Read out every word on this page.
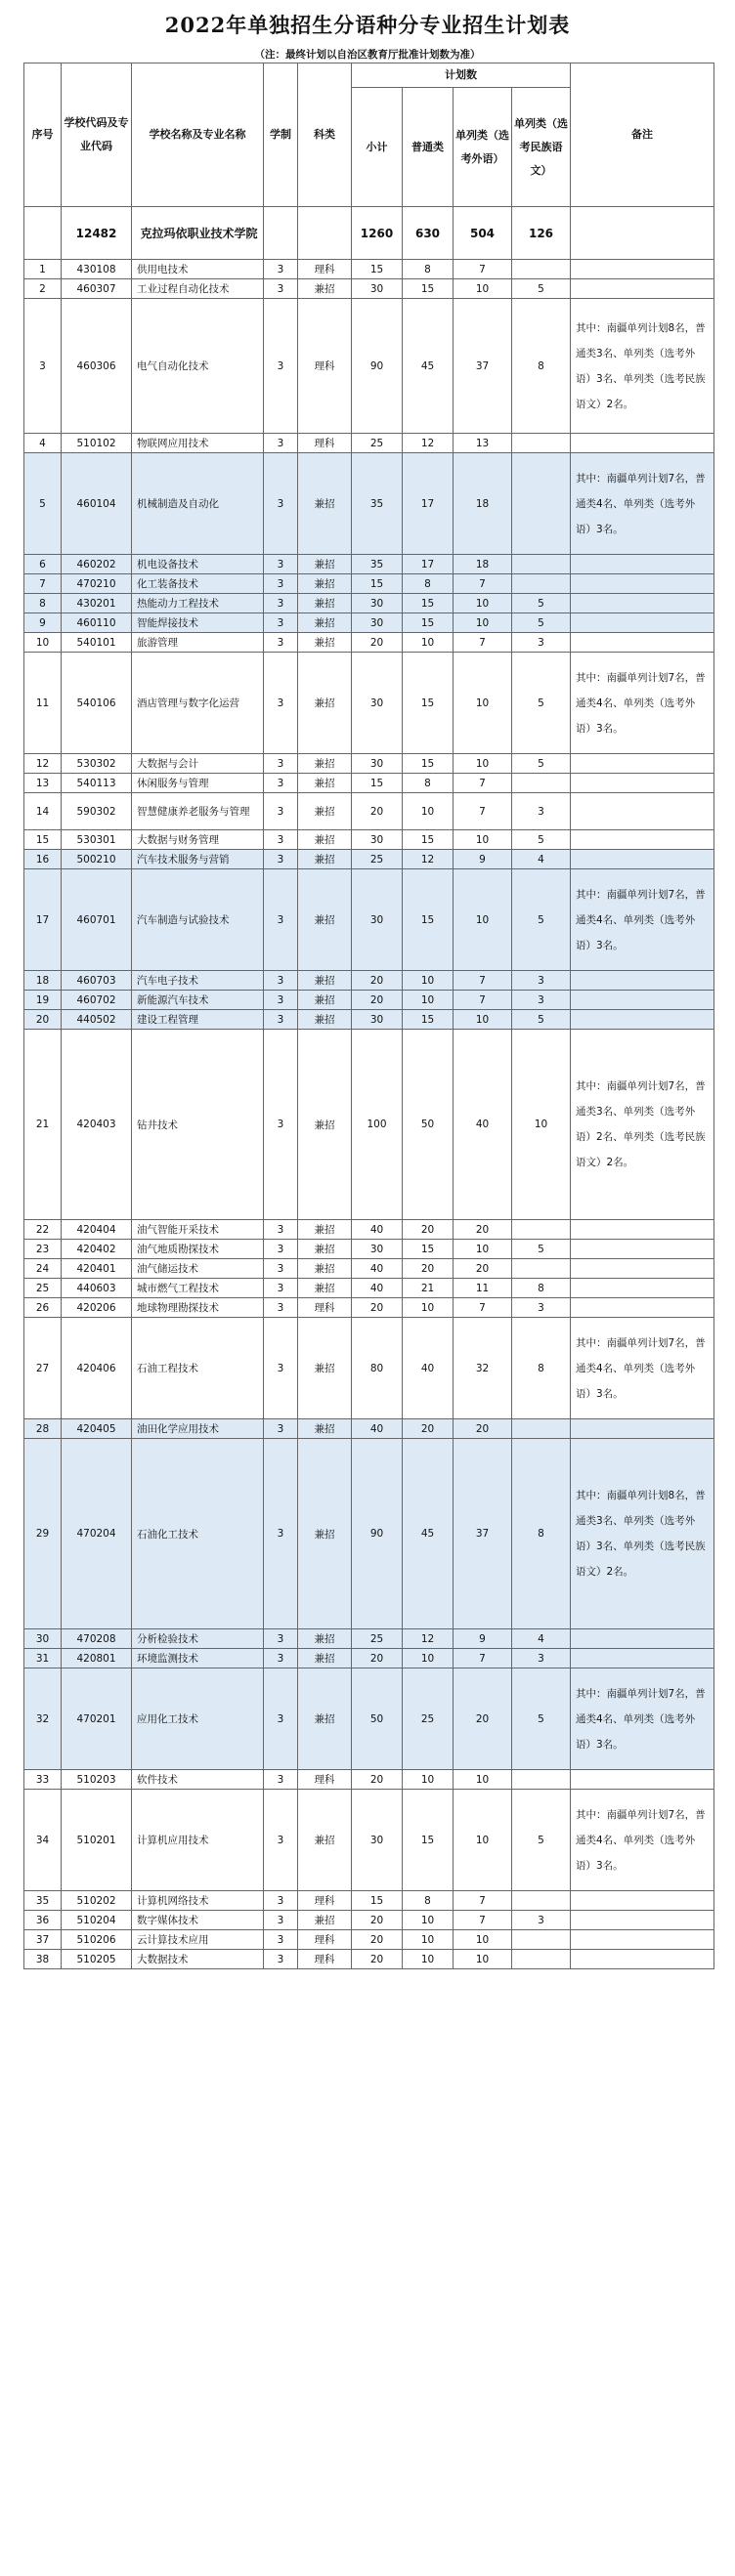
2022年单独招生分语种分专业招生计划表
（注：最终计划以自治区教育厅批准计划数为准）
序号	学校代码及专业代码	学校名称及专业名称	学制	科类	计划数				备注
					小计	普通类	单列类（选考外语）	单列类（选考民族语文）	
	12482	克拉玛依职业技术学院			1260	630	504	126	
1	430108	供用电技术	3	理科	15	8	7		
2	460307	工业过程自动化技术	3	兼招	30	15	10	5	
3	460306	电气自动化技术	3	理科	90	45	37	8	其中：南疆单列计划8名，普通类3名、单列类（选考外语）3名、单列类（选考民族语文）2名。
4	510102	物联网应用技术	3	理科	25	12	13		
5	460104	机械制造及自动化	3	兼招	35	17	18		其中：南疆单列计划7名，普通类4名、单列类（选考外语）3名。
6	460202	机电设备技术	3	兼招	35	17	18		
7	470210	化工装备技术	3	兼招	15	8	7		
8	430201	热能动力工程技术	3	兼招	30	15	10	5	
9	460110	智能焊接技术	3	兼招	30	15	10	5	
10	540101	旅游管理	3	兼招	20	10	7	3	
11	540106	酒店管理与数字化运营	3	兼招	30	15	10	5	其中：南疆单列计划7名，普通类4名、单列类（选考外语）3名。
12	530302	大数据与会计	3	兼招	30	15	10	5	
13	540113	休闲服务与管理	3	兼招	15	8	7		
14	590302	智慧健康养老服务与管理	3	兼招	20	10	7	3	
15	530301	大数据与财务管理	3	兼招	30	15	10	5	
16	500210	汽车技术服务与营销	3	兼招	25	12	9	4	
17	460701	汽车制造与试验技术	3	兼招	30	15	10	5	其中：南疆单列计划7名，普通类4名、单列类（选考外语）3名。
18	460703	汽车电子技术	3	兼招	20	10	7	3	
19	460702	新能源汽车技术	3	兼招	20	10	7	3	
20	440502	建设工程管理	3	兼招	30	15	10	5	
21	420403	钻井技术	3	兼招	100	50	40	10	其中：南疆单列计划7名，普通类3名、单列类（选考外语）2名、单列类（选考民族语文）2名。
22	420404	油气智能开采技术	3	兼招	40	20	20		
23	420402	油气地质勘探技术	3	兼招	30	15	10	5	
24	420401	油气储运技术	3	兼招	40	20	20		
25	440603	城市燃气工程技术	3	兼招	40	21	11	8	
26	420206	地球物理勘探技术	3	理科	20	10	7	3	
27	420406	石油工程技术	3	兼招	80	40	32	8	其中：南疆单列计划7名，普通类4名、单列类（选考外语）3名。
28	420405	油田化学应用技术	3	兼招	40	20	20		
29	470204	石油化工技术	3	兼招	90	45	37	8	其中：南疆单列计划8名，普通类3名、单列类（选考外语）3名、单列类（选考民族语文）2名。
30	470208	分析检验技术	3	兼招	25	12	9	4	
31	420801	环境监测技术	3	兼招	20	10	7	3	
32	470201	应用化工技术	3	兼招	50	25	20	5	其中：南疆单列计划7名，普通类4名、单列类（选考外语）3名。
33	510203	软件技术	3	理科	20	10	10		
34	510201	计算机应用技术	3	兼招	30	15	10	5	其中：南疆单列计划7名，普通类4名、单列类（选考外语）3名。
35	510202	计算机网络技术	3	理科	15	8	7		
36	510204	数字媒体技术	3	兼招	20	10	7	3	
37	510206	云计算技术应用	3	理科	20	10	10		
38	510205	大数据技术	3	理科	20	10	10		
